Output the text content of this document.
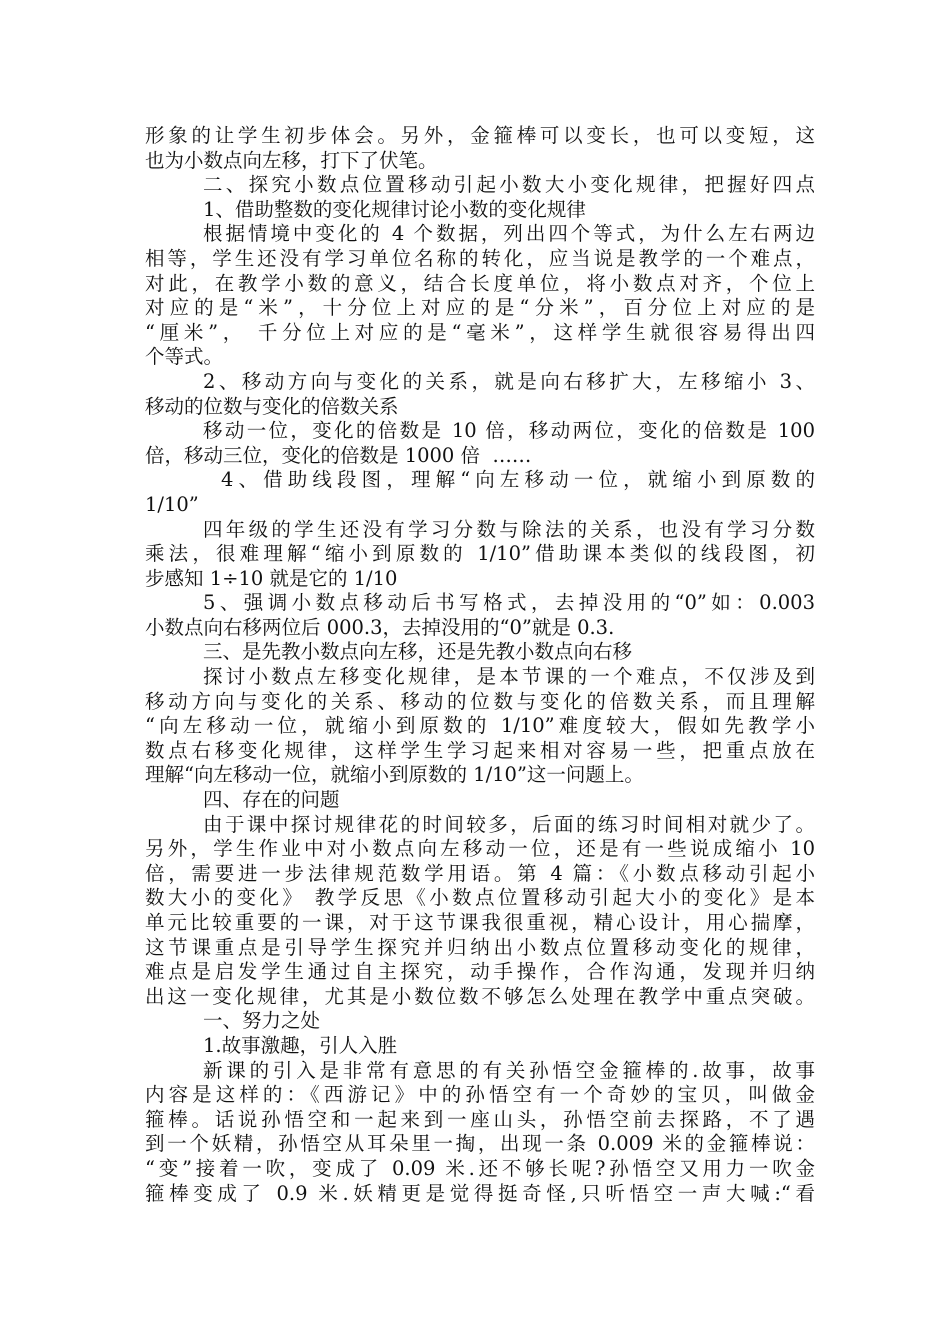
形象的让学生初步体会。另外，金箍棒可以变长，也可以变短，这
也为小数点向左移，打下了伏笔。
二、探究小数点位置移动引起小数大小变化规律，把握好四点
1、借助整数的变化规律讨论小数的变化规律
根据情境中变化的 4 个数据，列出四个等式，为什么左右两边
相等，学生还没有学习单位名称的转化，应当说是教学的一个难点，
对此，在教学小数的意义，结合长度单位，将小数点对齐，个位上
对应的是“米”，十分位上对应的是“分米”，百分位上对应的是
“厘米”， 千分位上对应的是“毫米”，这样学生就很容易得出四
个等式。
2、移动方向与变化的关系，就是向右移扩大，左移缩小 3、
移动的位数与变化的倍数关系
移动一位，变化的倍数是 10 倍，移动两位，变化的倍数是 100
倍，移动三位，变化的倍数是 1000 倍  ……
4、借助线段图，理解“向左移动一位，就缩小到原数的
1/10”
四年级的学生还没有学习分数与除法的关系，也没有学习分数
乘法，很难理解“缩小到原数的 1/10”借助课本类似的线段图，初
步感知 1÷10 就是它的 1/10
5、强调小数点移动后书写格式，去掉没用的“0”如：0.003
小数点向右移两位后 000.3，去掉没用的“0”就是 0.3.
三、是先教小数点向左移，还是先教小数点向右移
探讨小数点左移变化规律，是本节课的一个难点，不仅涉及到
移动方向与变化的关系、移动的位数与变化的倍数关系，而且理解
“向左移动一位，就缩小到原数的 1/10”难度较大，假如先教学小
数点右移变化规律，这样学生学习起来相对容易一些，把重点放在
理解“向左移动一位，就缩小到原数的 1/10”这一问题上。
四、存在的问题
由于课中探讨规律花的时间较多，后面的练习时间相对就少了。
另外，学生作业中对小数点向左移动一位，还是有一些说成缩小 10
倍，需要进一步法律规范数学用语。第 4 篇：《小数点移动引起小
数大小的变化》 教学反思《小数点位置移动引起大小的变化》是本
单元比较重要的一课，对于这节课我很重视，精心设计，用心揣摩，
这节课重点是引导学生探究并归纳出小数点位置移动变化的规律，
难点是启发学生通过自主探究，动手操作，合作沟通，发现并归纳
出这一变化规律，尤其是小数位数不够怎么处理在教学中重点突破。
一、努力之处
1.故事激趣，引人入胜
新课的引入是非常有意思的有关孙悟空金箍棒的.故事，故事
内容是这样的：《西游记》中的孙悟空有一个奇妙的宝贝，叫做金
箍棒。话说孙悟空和一起来到一座山头，孙悟空前去探路，不了遇
到一个妖精，孙悟空从耳朵里一掏，出现一条 0.009 米的金箍棒说：
“变”接着一吹，变成了 0.09 米.还不够长呢?孙悟空又用力一吹金
箍棒变成了 0.9 米.妖精更是觉得挺奇怪,只听悟空一声大喊:“看
